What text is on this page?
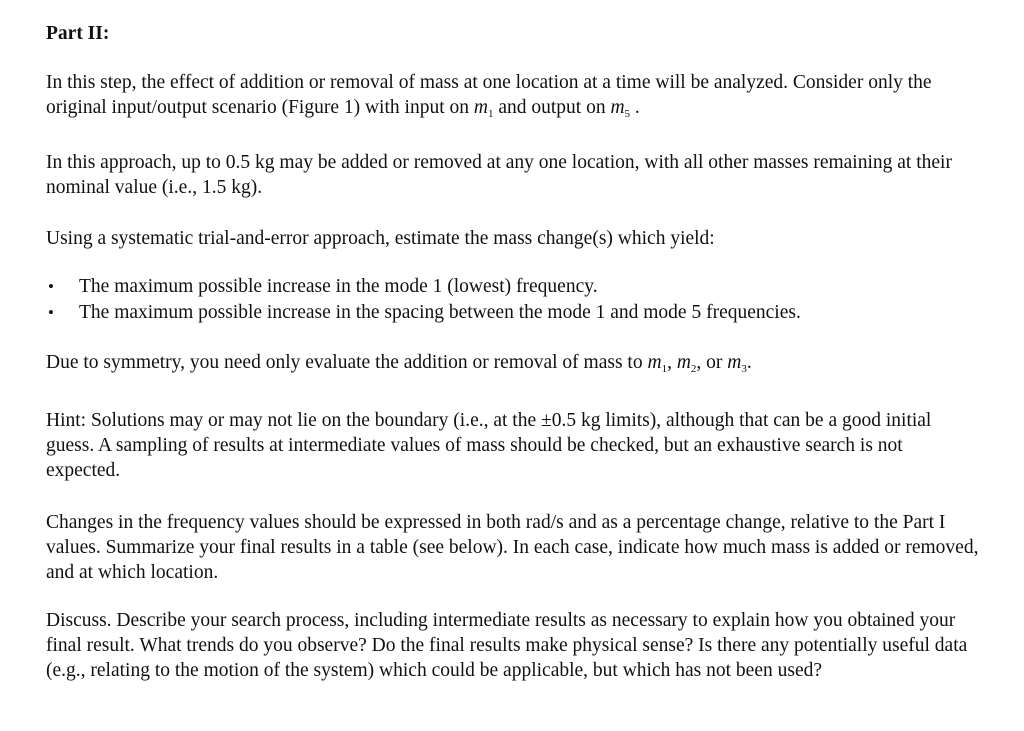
Part II:

In this step, the effect of addition or removal of mass at one location at a time will be analyzed. Consider only the original input/output scenario (Figure 1) with input on $m_1$ and output on $m_5$ .

In this approach, up to 0.5 kg may be added or removed at any one location, with all other masses remaining at their nominal value (i.e., 1.5 kg).

Using a systematic trial-and-error approach, estimate the mass change(s) which yield:

• The maximum possible increase in the mode 1 (lowest) frequency.
• The maximum possible increase in the spacing between the mode 1 and mode 5 frequencies.

Due to symmetry, you need only evaluate the addition or removal of mass to $m_1$, $m_2$, or $m_3$.

Hint: Solutions may or may not lie on the boundary (i.e., at the ±0.5 kg limits), although that can be a good initial guess. A sampling of results at intermediate values of mass should be checked, but an exhaustive search is not expected.

Changes in the frequency values should be expressed in both rad/s and as a percentage change, relative to the Part I values. Summarize your final results in a table (see below). In each case, indicate how much mass is added or removed, and at which location.

Discuss. Describe your search process, including intermediate results as necessary to explain how you obtained your final result. What trends do you observe? Do the final results make physical sense? Is there any potentially useful data (e.g., relating to the motion of the system) which could be applicable, but which has not been used?
